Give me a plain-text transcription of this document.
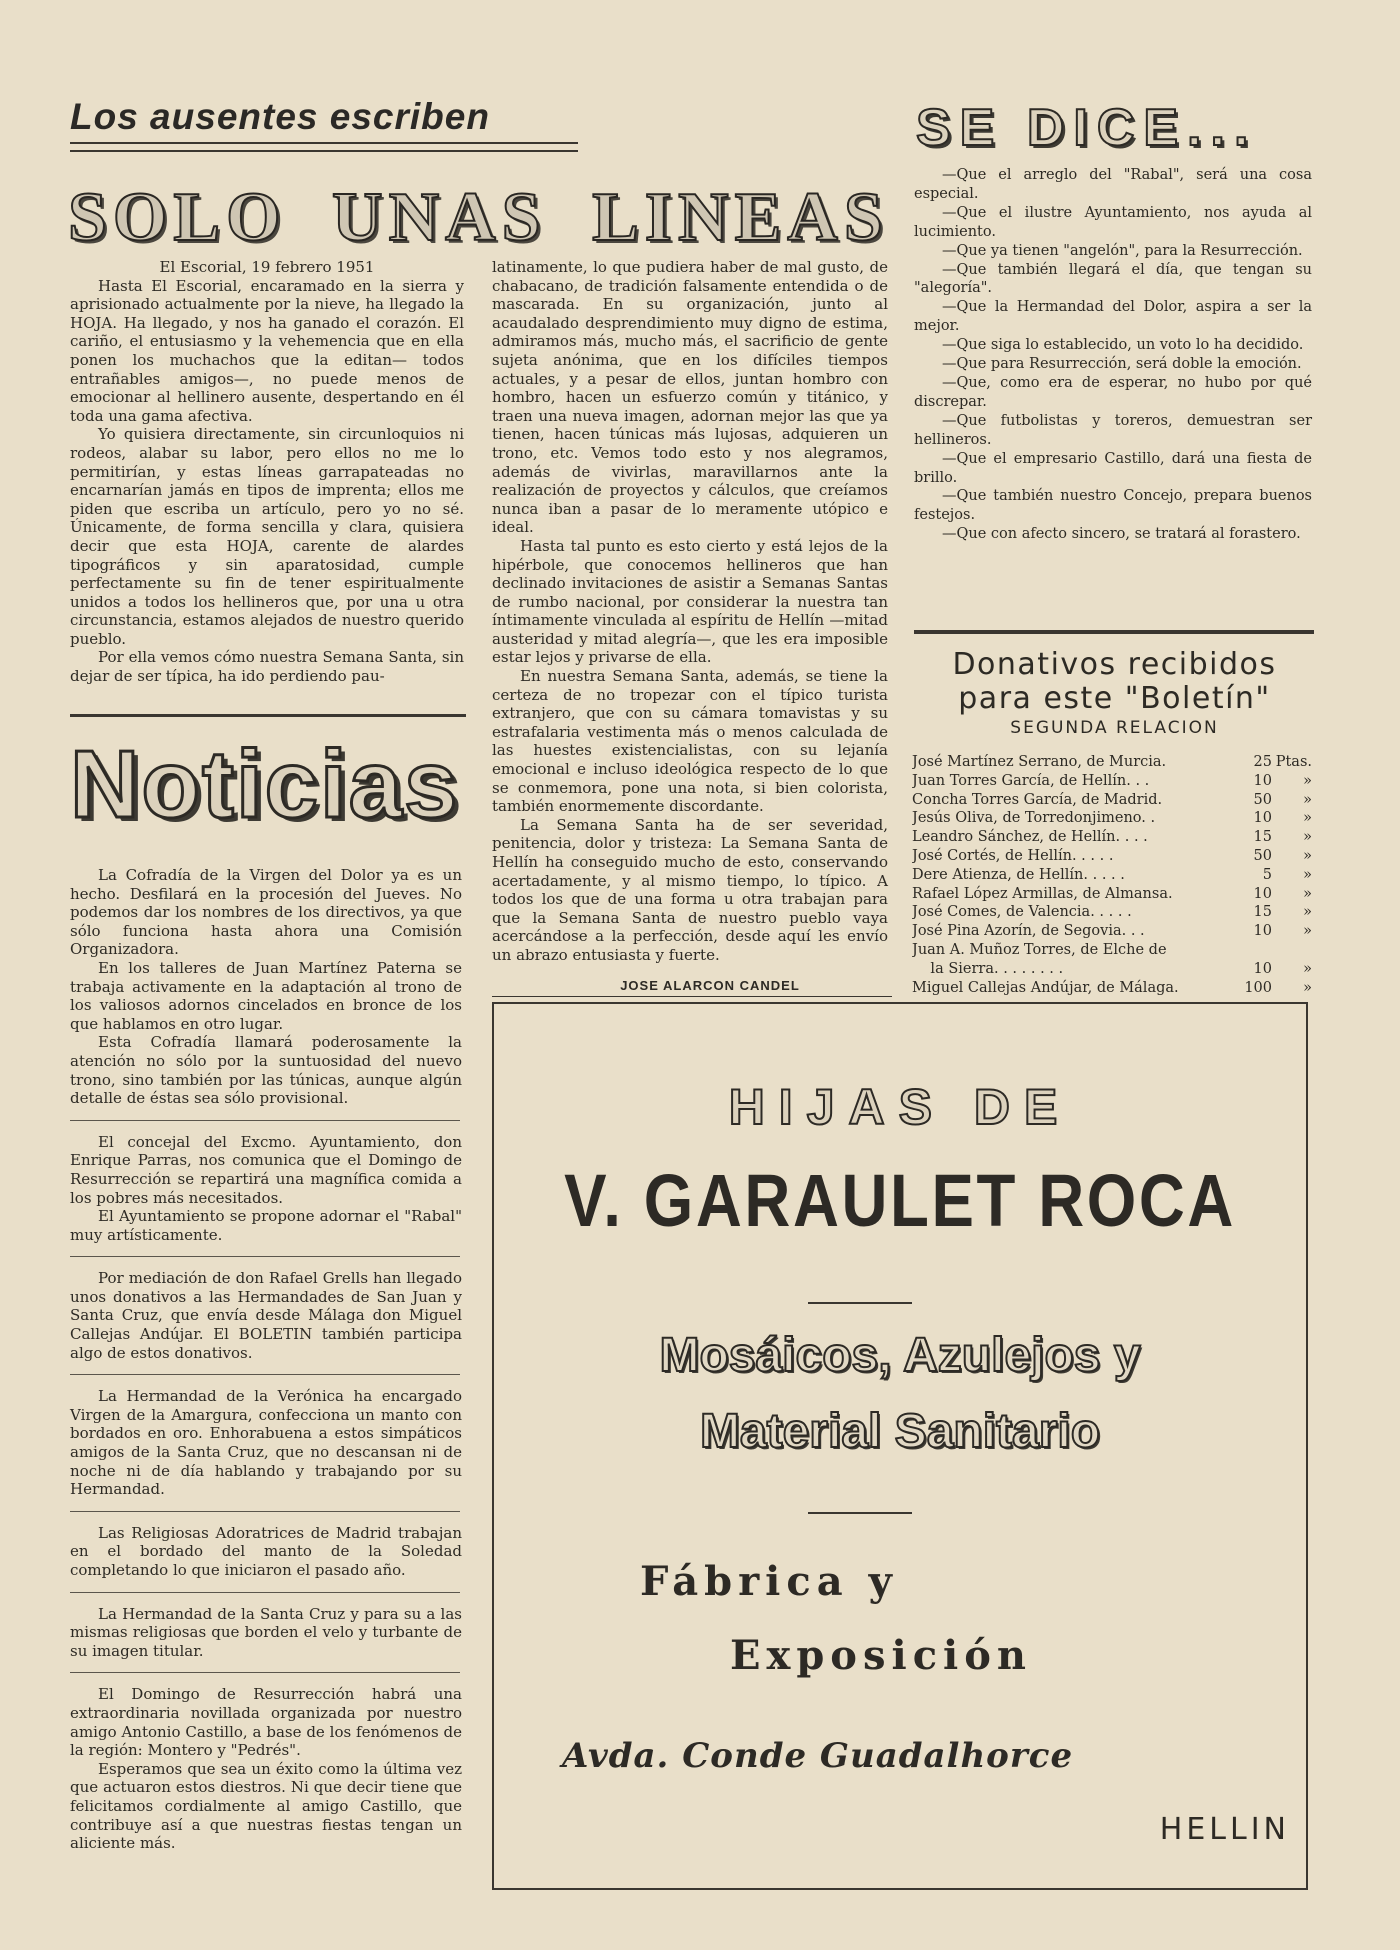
Los ausentes escriben
SOLO UNAS LINEAS

El Escorial, 19 febrero 1951

Hasta El Escorial, encaramado en la sierra y aprisionado actualmente por la nieve, ha llegado la HOJA. Ha llegado, y nos ha ganado el corazón. El cariño, el entusiasmo y la vehemencia que en ella ponen los muchachos que la editan— todos entrañables amigos—, no puede menos de emocionar al hellinero ausente, despertando en él toda una gama afectiva.

Yo quisiera directamente, sin circunloquios ni rodeos, alabar su labor, pero ellos no me lo permitirían, y estas líneas garrapateadas no encarnarían jamás en tipos de imprenta; ellos me piden que escriba un artículo, pero yo no sé. Únicamente, de forma sencilla y clara, quisiera decir que esta HOJA, carente de alardes tipográficos y sin aparatosidad, cumple perfectamente su fin de tener espiritualmente unidos a todos los hellineros que, por una u otra circunstancia, estamos alejados de nuestro querido pueblo.

Por ella vemos cómo nuestra Semana Santa, sin dejar de ser típica, ha ido perdiendo pau-

latinamente, lo que pudiera haber de mal gusto, de chabacano, de tradición falsamente entendida o de mascarada. En su organización, junto al acaudalado desprendimiento muy digno de estima, admiramos más, mucho más, el sacrificio de gente sujeta anónima, que en los difíciles tiempos actuales, y a pesar de ellos, juntan hombro con hombro, hacen un esfuerzo común y titánico, y traen una nueva imagen, adornan mejor las que ya tienen, hacen túnicas más lujosas, adquieren un trono, etc. Vemos todo esto y nos alegramos, además de vivirlas, maravillarnos ante la realización de proyectos y cálculos, que creíamos nunca iban a pasar de lo meramente utópico e ideal.

Hasta tal punto es esto cierto y está lejos de la hipérbole, que conocemos hellineros que han declinado invitaciones de asistir a Semanas Santas de rumbo nacional, por considerar la nuestra tan íntimamente vinculada al espíritu de Hellín —mitad austeridad y mitad alegría—, que les era imposible estar lejos y privarse de ella.

En nuestra Semana Santa, además, se tiene la certeza de no tropezar con el típico turista extranjero, que con su cámara tomavistas y su estrafalaria vestimenta más o menos calculada de las huestes existencialistas, con su lejanía emocional e incluso ideológica respecto de lo que se conmemora, pone una nota, si bien colorista, también enormemente discordante.

La Semana Santa ha de ser severidad, penitencia, dolor y tristeza: La Semana Santa de Hellín ha conseguido mucho de esto, conservando acertadamente, y al mismo tiempo, lo típico. A todos los que de una forma u otra trabajan para que la Semana Santa de nuestro pueblo vaya acercándose a la perfección, desde aquí les envío un abrazo entusiasta y fuerte.

JOSE ALARCON CANDEL
Noticias

La Cofradía de la Virgen del Dolor ya es un hecho. Desfilará en la procesión del Jueves. No podemos dar los nombres de los directivos, ya que sólo funciona hasta ahora una Comisión Organizadora.

En los talleres de Juan Martínez Paterna se trabaja activamente en la adaptación al trono de los valiosos adornos cincelados en bronce de los que hablamos en otro lugar.

Esta Cofradía llamará poderosamente la atención no sólo por la suntuosidad del nuevo trono, sino también por las túnicas, aunque algún detalle de éstas sea sólo provisional.

El concejal del Excmo. Ayuntamiento, don Enrique Parras, nos comunica que el Domingo de Resurrección se repartirá una magnífica comida a los pobres más necesitados.

El Ayuntamiento se propone adornar el "Rabal" muy artísticamente.

Por mediación de don Rafael Grells han llegado unos donativos a las Hermandades de San Juan y Santa Cruz, que envía desde Málaga don Miguel Callejas Andújar. El BOLETIN también participa algo de estos donativos.

La Hermandad de la Verónica ha encargado Virgen de la Amargura, confecciona un manto con bordados en oro. Enhorabuena a estos simpáticos amigos de la Santa Cruz, que no descansan ni de noche ni de día hablando y trabajando por su Hermandad.

Las Religiosas Adoratrices de Madrid trabajan en el bordado del manto de la Soledad completando lo que iniciaron el pasado año.

La Hermandad de la Santa Cruz y para su a las mismas religiosas que borden el velo y turbante de su imagen titular.

El Domingo de Resurrección habrá una extraordinaria novillada organizada por nuestro amigo Antonio Castillo, a base de los fenómenos de la región: Montero y "Pedrés".

Esperamos que sea un éxito como la última vez que actuaron estos diestros. Ni que decir tiene que felicitamos cordialmente al amigo Castillo, que contribuye así a que nuestras fiestas tengan un aliciente más.

SE DICE...

—Que el arreglo del "Rabal", será una cosa especial.

—Que el ilustre Ayuntamiento, nos ayuda al lucimiento.

—Que ya tienen "angelón", para la Resurrección.

—Que también llegará el día, que tengan su "alegoría".

—Que la Hermandad del Dolor, aspira a ser la mejor.

—Que siga lo establecido, un voto lo ha decidido.

—Que para Resurrección, será doble la emoción.

—Que, como era de esperar, no hubo por qué discrepar.

—Que futbolistas y toreros, demuestran ser hellineros.

—Que el empresario Castillo, dará una fiesta de brillo.

—Que también nuestro Concejo, prepara buenos festejos.

—Que con afecto sincero, se tratará al forastero.

Donativos recibidos
para este "Boletín"
SEGUNDA RELACION
José Martínez Serrano, de Murcia.	25 Ptas.
Juan Torres García, de Hellín. . .	10	»
Concha Torres García, de Madrid.	50	»
Jesús Oliva, de Torredonjimeno. .	10	»
Leandro Sánchez, de Hellín. . . .	15	»
José Cortés, de Hellín. . . . .	50	»
Dere Atienza, de Hellín. . . . .	5	»
Rafael López Armillas, de Almansa.	10	»
José Comes, de Valencia. . . . .	15	»
José Pina Azorín, de Segovia. . .	10	»
Juan A. Muñoz Torres, de Elche de
la Sierra. . . . . . . .	10	»
Miguel Callejas Andújar, de Málaga.	100	»
HIJAS DE
V. GARAULET ROCA
Mosáicos, Azulejos y
Material Sanitario
Fábrica y
Exposición
Avda. Conde Guadalhorce
HELLIN
